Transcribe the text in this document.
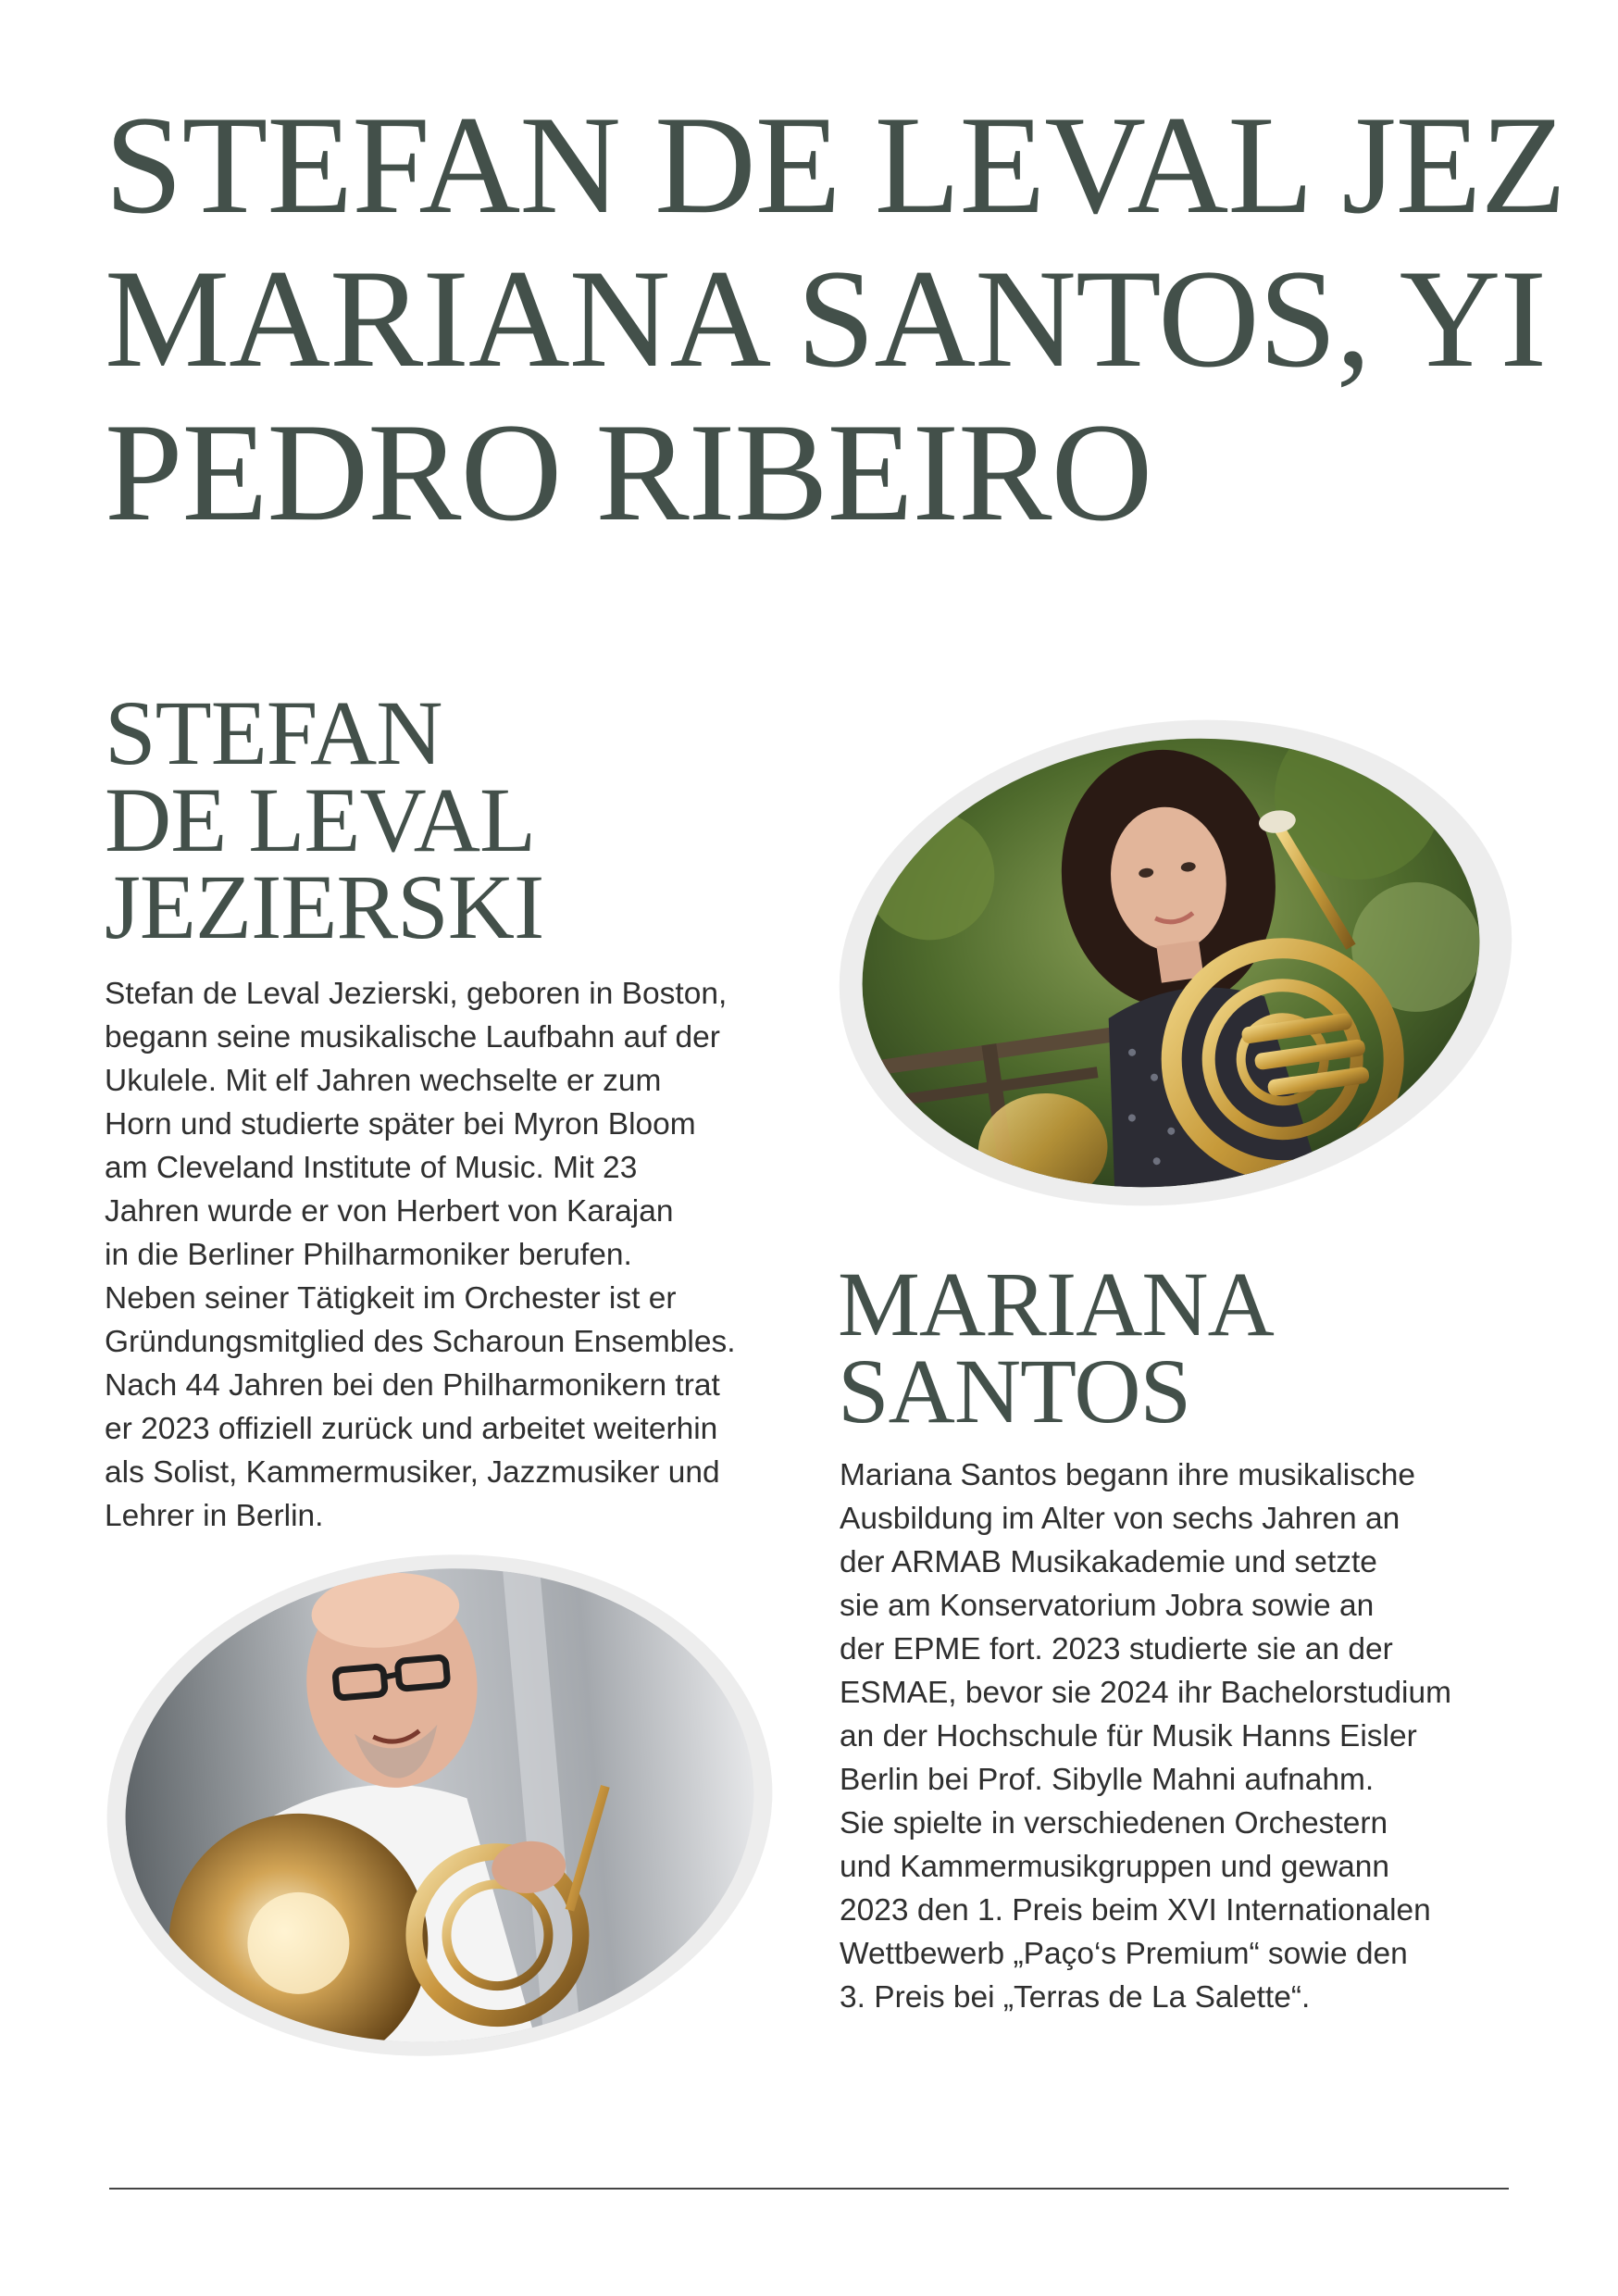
STEFAN DE LEVAL JEZ
MARIANA SANTOS, YI
PEDRO RIBEIRO
STEFAN
DE LEVAL
JEZIERSKI
Stefan de Leval Jezierski, geboren in Boston,
begann seine musikalische Laufbahn auf der
Ukulele. Mit elf Jahren wechselte er zum
Horn und studierte später bei Myron Bloom
am Cleveland Institute of Music. Mit 23
Jahren wurde er von Herbert von Karajan
in die Berliner Philharmoniker berufen.
Neben seiner Tätigkeit im Orchester ist er
Gründungsmitglied des Scharoun Ensembles.
Nach 44 Jahren bei den Philharmonikern trat
er 2023 offiziell zurück und arbeitet weiterhin
als Solist, Kammermusiker, Jazzmusiker und
Lehrer in Berlin.
MARIANA
SANTOS
Mariana Santos begann ihre musikalische
Ausbildung im Alter von sechs Jahren an
der ARMAB Musikakademie und setzte
sie am Konservatorium Jobra sowie an
der EPME fort. 2023 studierte sie an der
ESMAE, bevor sie 2024 ihr Bachelorstudium
an der Hochschule für Musik Hanns Eisler
Berlin bei Prof. Sibylle Mahni aufnahm.
Sie spielte in verschiedenen Orchestern
und Kammermusikgruppen und gewann
2023 den 1. Preis beim XVI Internationalen
Wettbewerb „Paço‘s Premium“ sowie den
3. Preis bei „Terras de La Salette“.
